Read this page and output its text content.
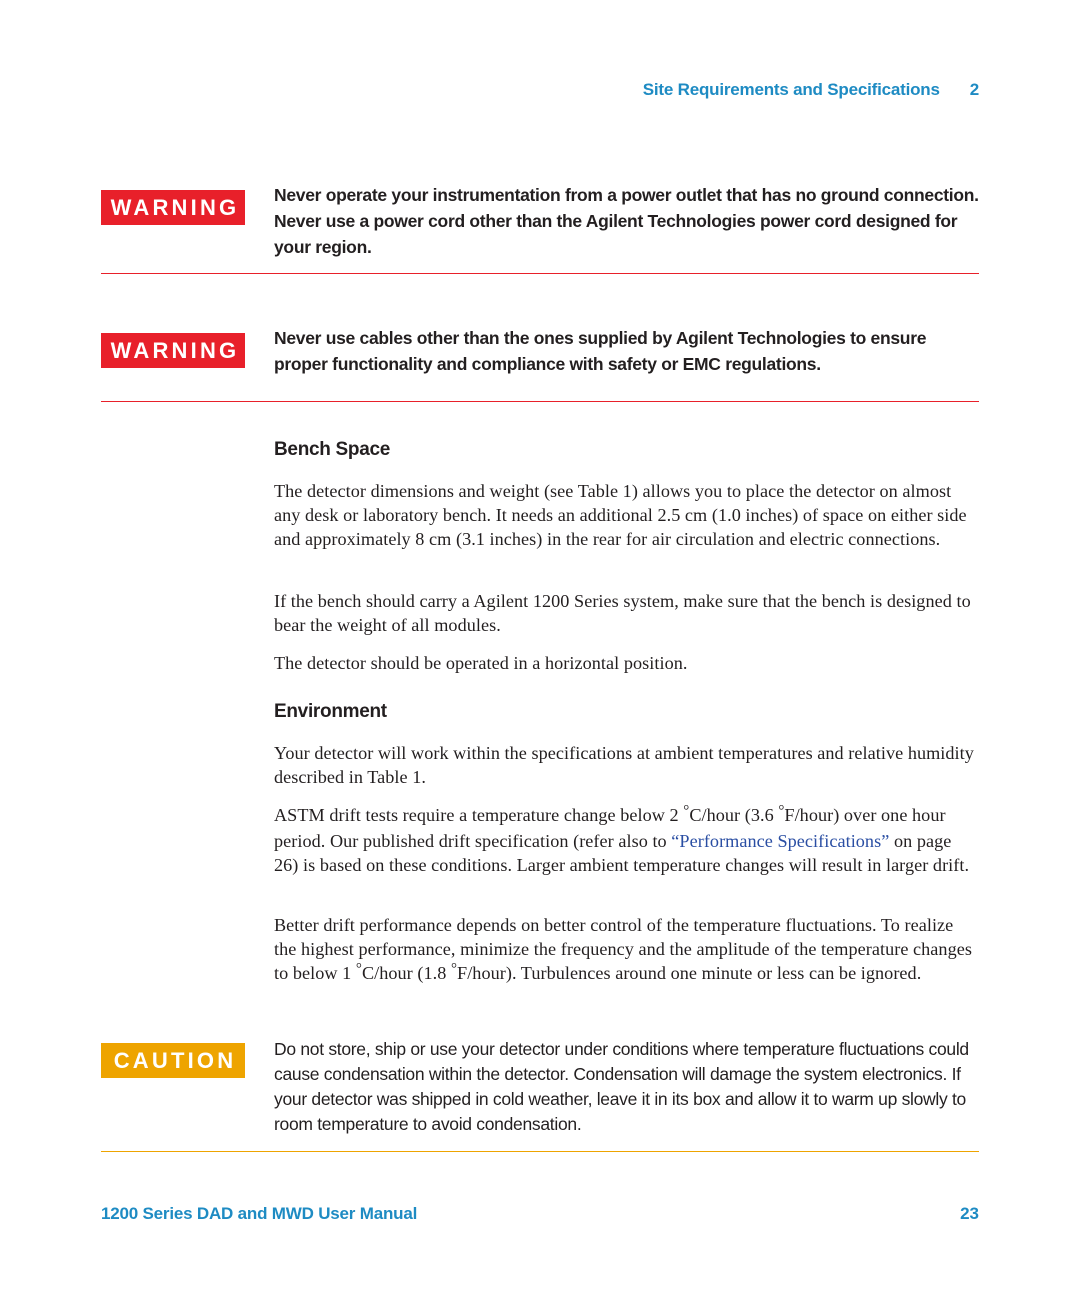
Site Requirements and Specifications 2
WARNING	Never operate your instrumentation from a power outlet that has no ground connection. Never use a power cord other than the Agilent Technologies power cord designed for your region.
WARNING	Never use cables other than the ones supplied by Agilent Technologies to ensure proper functionality and compliance with safety or EMC regulations.
Bench Space

The detector dimensions and weight (see Table 1) allows you to place the detector on almost any desk or laboratory bench. It needs an additional 2.5 cm (1.0 inches) of space on either side and approximately 8 cm (3.1 inches) in the rear for air circulation and electric connections.

If the bench should carry a Agilent 1200 Series system, make sure that the bench is designed to bear the weight of all modules.

The detector should be operated in a horizontal position.

Environment

Your detector will work within the specifications at ambient temperatures and relative humidity described in Table 1.

ASTM drift tests require a temperature change below 2 °C/hour (3.6 °F/hour) over one hour period. Our published drift specification (refer also to “Performance Specifications” on page 26) is based on these conditions. Larger ambient temperature changes will result in larger drift.

Better drift performance depends on better control of the temperature fluctuations. To realize the highest performance, minimize the frequency and the amplitude of the temperature changes to below 1 °C/hour (1.8 °F/hour). Turbulences around one minute or less can be ignored.

CAUTION	Do not store, ship or use your detector under conditions where temperature fluctuations could cause condensation within the detector. Condensation will damage the system electronics. If your detector was shipped in cold weather, leave it in its box and allow it to warm up slowly to room temperature to avoid condensation.
1200 Series DAD and MWD User Manual	23
